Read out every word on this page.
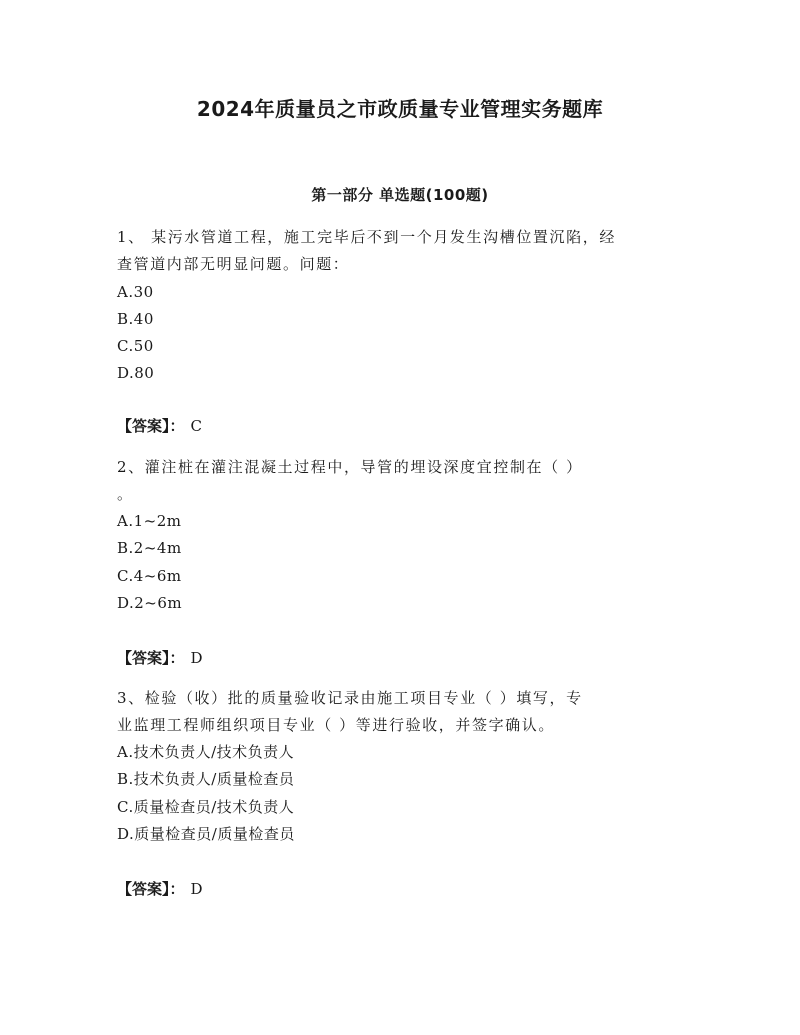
2024年质量员之市政质量专业管理实务题库
第一部分 单选题(100题)
1、 某污水管道工程，施工完毕后不到一个月发生沟槽位置沉陷，经
查管道内部无明显问题。问题：
A.30
B.40
C.50
D.80
【答案】： C
2、灌注桩在灌注混凝土过程中，导管的埋设深度宜控制在（ ）
。
A.1~2m
B.2~4m
C.4~6m
D.2~6m
【答案】： D
3、检验（收）批的质量验收记录由施工项目专业（ ）填写，专
业监理工程师组织项目专业（ ）等进行验收，并签字确认。
A.技术负责人/技术负责人
B.技术负责人/质量检查员
C.质量检查员/技术负责人
D.质量检查员/质量检查员
【答案】： D
